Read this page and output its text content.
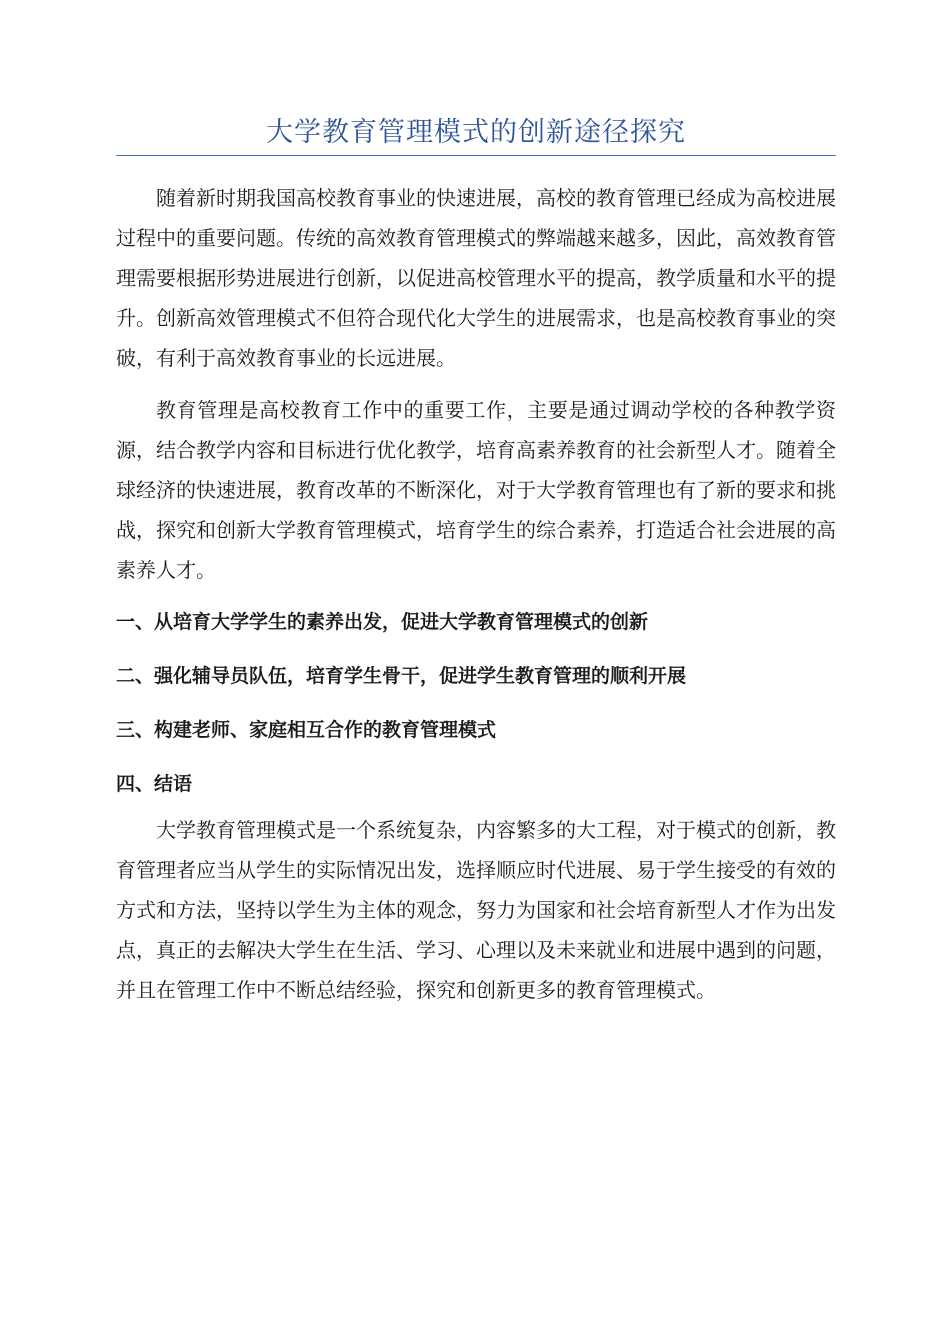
大学教育管理模式的创新途径探究

随着新时期我国高校教育事业的快速进展，高校的教育管理已经成为高校进展过程中的重要问题。传统的高效教育管理模式的弊端越来越多，因此，高效教育管理需要根据形势进展进行创新，以促进高校管理水平的提高，教学质量和水平的提升。创新高效管理模式不但符合现代化大学生的进展需求，也是高校教育事业的突破，有利于高效教育事业的长远进展。

教育管理是高校教育工作中的重要工作，主要是通过调动学校的各种教学资源，结合教学内容和目标进行优化教学，培育高素养教育的社会新型人才。随着全球经济的快速进展，教育改革的不断深化，对于大学教育管理也有了新的要求和挑战，探究和创新大学教育管理模式，培育学生的综合素养，打造适合社会进展的高素养人才。

一、从培育大学学生的素养出发，促进大学教育管理模式的创新
二、强化辅导员队伍，培育学生骨干，促进学生教育管理的顺利开展
三、构建老师、家庭相互合作的教育管理模式
四、结语

大学教育管理模式是一个系统复杂，内容繁多的大工程，对于模式的创新，教育管理者应当从学生的实际情况出发，选择顺应时代进展、易于学生接受的有效的方式和方法，坚持以学生为主体的观念，努力为国家和社会培育新型人才作为出发点，真正的去解决大学生在生活、学习、心理以及未来就业和进展中遇到的问题，并且在管理工作中不断总结经验，探究和创新更多的教育管理模式。
